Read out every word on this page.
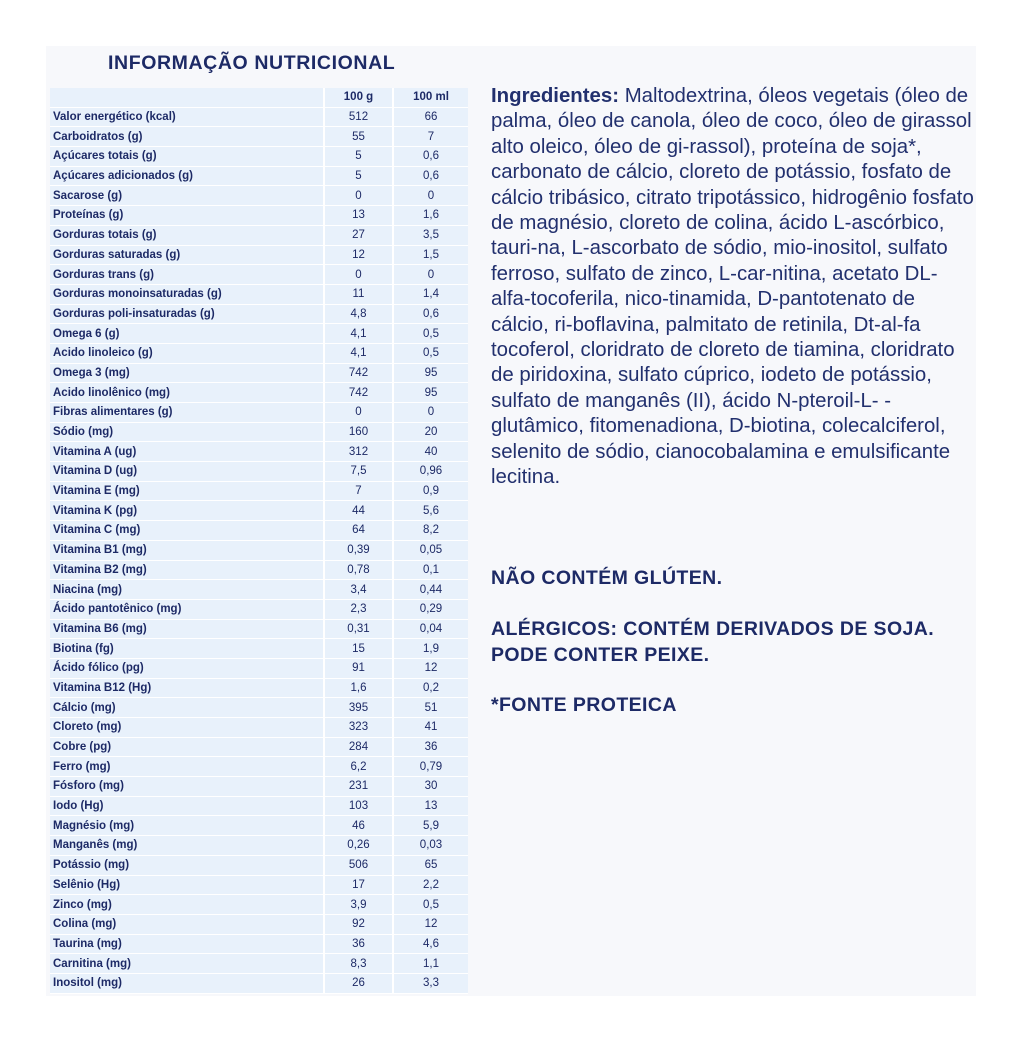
INFORMAÇÃO NUTRICIONAL
	100 g	100 ml
Valor energético (kcal)	512	66
Carboidratos (g)	55	7
Açúcares totais (g)	5	0,6
Açúcares adicionados (g)	5	0,6
Sacarose (g)	0	0
Proteínas (g)	13	1,6
Gorduras totais (g)	27	3,5
Gorduras saturadas (g)	12	1,5
Gorduras trans (g)	0	0
Gorduras monoinsaturadas (g)	11	1,4
Gorduras poli-insaturadas (g)	4,8	0,6
Omega 6 (g)	4,1	0,5
Acido linoleico (g)	4,1	0,5
Omega 3 (mg)	742	95
Acido linolênico (mg)	742	95
Fibras alimentares (g)	0	0
Sódio (mg)	160	20
Vitamina A (ug)	312	40
Vitamina D (ug)	7,5	0,96
Vitamina E (mg)	7	0,9
Vitamina K (pg)	44	5,6
Vitamina C (mg)	64	8,2
Vitamina B1 (mg)	0,39	0,05
Vitamina B2 (mg)	0,78	0,1
Niacina (mg)	3,4	0,44
Ácido pantotênico (mg)	2,3	0,29
Vitamina B6 (mg)	0,31	0,04
Biotina (fg)	15	1,9
Ácido fólico (pg)	91	12
Vitamina B12 (Hg)	1,6	0,2
Cálcio (mg)	395	51
Cloreto (mg)	323	41
Cobre (pg)	284	36
Ferro (mg)	6,2	0,79
Fósforo (mg)	231	30
Iodo (Hg)	103	13
Magnésio (mg)	46	5,9
Manganês (mg)	0,26	0,03
Potássio (mg)	506	65
Selênio (Hg)	17	2,2
Zinco (mg)	3,9	0,5
Colina (mg)	92	12
Taurina (mg)	36	4,6
Carnitina (mg)	8,3	1,1
Inositol (mg)	26	3,3
Ingredientes: Maltodextrina, óleos vegetais (óleo de palma, óleo de canola, óleo de coco, óleo de girassol alto oleico, óleo de gi-rassol), proteína de soja*, carbonato de cálcio, cloreto de potássio, fosfato de cálcio tribásico, citrato tripotássico, hidrogênio fosfato de magnésio, cloreto de colina, ácido L-ascórbico, tauri-na, L-ascorbato de sódio, mio-inositol, sulfato ferroso, sulfato de zinco, L-car-nitina, acetato DL-alfa-tocoferila, nico-tinamida, D-pantotenato de cálcio, ri-boflavina, palmitato de retinila, Dt-al-fa tocoferol, cloridrato de cloreto de tiamina, cloridrato de piridoxina, sulfato cúprico, iodeto de potássio, sulfato de manganês (II), ácido N-pteroil-L- -glutâmico, fitomenadiona, D-biotina, colecalciferol, selenito de sódio, cianocobalamina e emulsificante lecitina.
NÃO CONTÉM GLÚTEN.
ALÉRGICOS: CONTÉM DERIVADOS DE SOJA.
PODE CONTER PEIXE.
*FONTE PROTEICA
